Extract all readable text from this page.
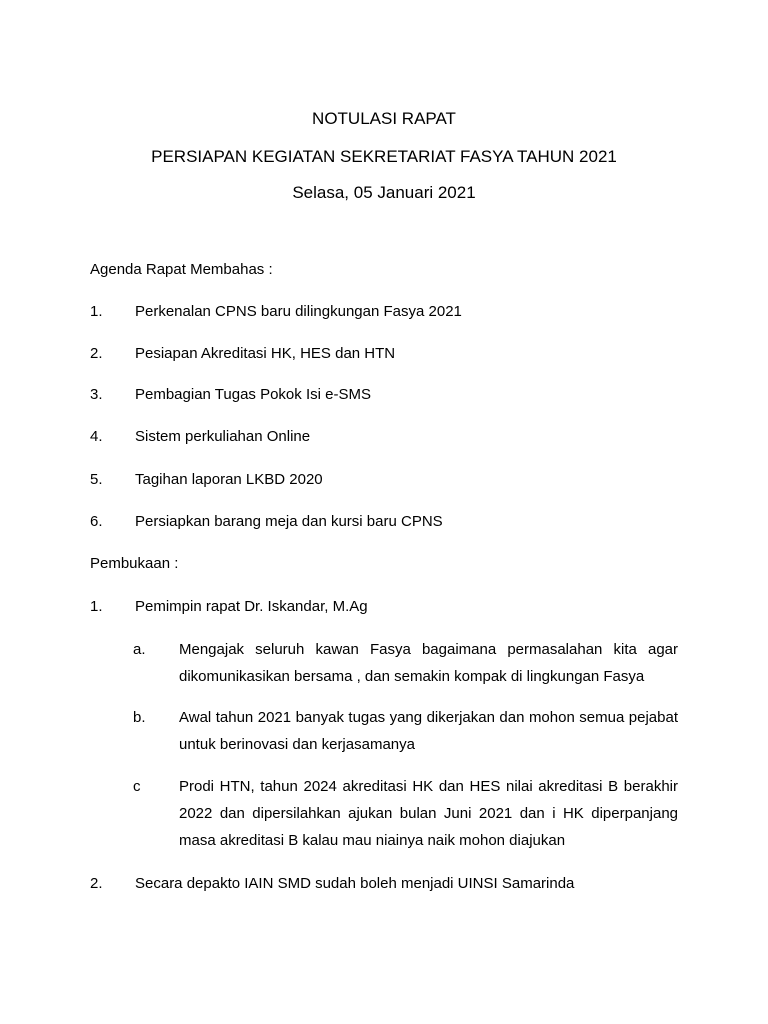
NOTULASI RAPAT
PERSIAPAN KEGIATAN SEKRETARIAT FASYA TAHUN 2021
Selasa, 05 Januari 2021
Agenda Rapat Membahas :
1. Perkenalan CPNS baru dilingkungan Fasya 2021
2. Pesiapan Akreditasi HK, HES dan HTN
3. Pembagian Tugas Pokok Isi e-SMS
4. Sistem perkuliahan Online
5. Tagihan laporan LKBD 2020
6. Persiapkan barang meja dan kursi baru CPNS
Pembukaan :
1. Pemimpin rapat Dr. Iskandar, M.Ag
a. Mengajak seluruh kawan Fasya bagaimana permasalahan kita agar dikomunikasikan bersama , dan semakin kompak di lingkungan Fasya
b. Awal tahun 2021 banyak tugas yang dikerjakan dan mohon semua pejabat untuk berinovasi dan kerjasamanya
c	Prodi HTN, tahun 2024 akreditasi HK dan HES nilai akreditasi B berakhir 2022 dan dipersilahkan ajukan bulan Juni 2021 dan i HK diperpanjang masa akreditasi B kalau mau niainya naik mohon diajukan
2. Secara depakto IAIN SMD sudah boleh menjadi UINSI Samarinda
